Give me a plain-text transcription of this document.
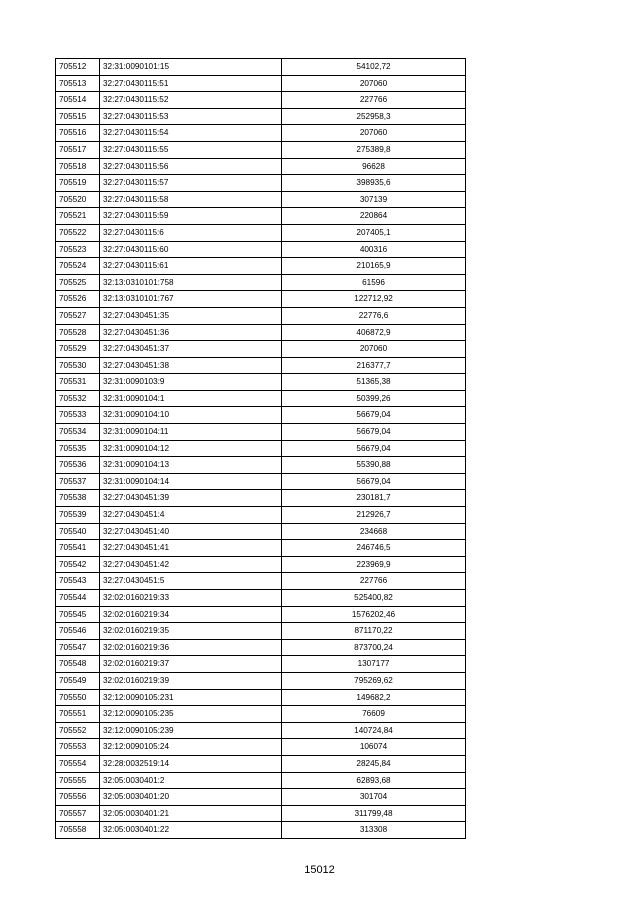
705512	32:31:0090101:15	54102,72
705513	32:27:0430115:51	207060
705514	32:27:0430115:52	227766
705515	32:27:0430115:53	252958,3
705516	32:27:0430115:54	207060
705517	32:27:0430115:55	275389,8
705518	32:27:0430115:56	96628
705519	32:27:0430115:57	398935,6
705520	32:27:0430115:58	307139
705521	32:27:0430115:59	220864
705522	32:27:0430115:6	207405,1
705523	32:27:0430115:60	400316
705524	32:27:0430115:61	210165,9
705525	32:13:0310101:758	61596
705526	32:13:0310101:767	122712,92
705527	32:27:0430451:35	22776,6
705528	32:27:0430451:36	406872,9
705529	32:27:0430451:37	207060
705530	32:27:0430451:38	216377,7
705531	32:31:0090103:9	51365,38
705532	32:31:0090104:1	50399,26
705533	32:31:0090104:10	56679,04
705534	32:31:0090104:11	56679,04
705535	32:31:0090104:12	56679,04
705536	32:31:0090104:13	55390,88
705537	32:31:0090104:14	56679,04
705538	32:27:0430451:39	230181,7
705539	32:27:0430451:4	212926,7
705540	32:27:0430451:40	234668
705541	32:27:0430451:41	246746,5
705542	32:27:0430451:42	223969,9
705543	32:27:0430451:5	227766
705544	32:02:0160219:33	525400,82
705545	32:02:0160219:34	1576202,46
705546	32:02:0160219:35	871170,22
705547	32:02:0160219:36	873700,24
705548	32:02:0160219:37	1307177
705549	32:02:0160219:39	795269,62
705550	32:12:0090105:231	149682,2
705551	32:12:0090105:235	76609
705552	32:12:0090105:239	140724,84
705553	32:12:0090105:24	106074
705554	32:28:0032519:14	28245,84
705555	32:05:0030401:2	62893,68
705556	32:05:0030401:20	301704
705557	32:05:0030401:21	311799,48
705558	32:05:0030401:22	313308
15012
